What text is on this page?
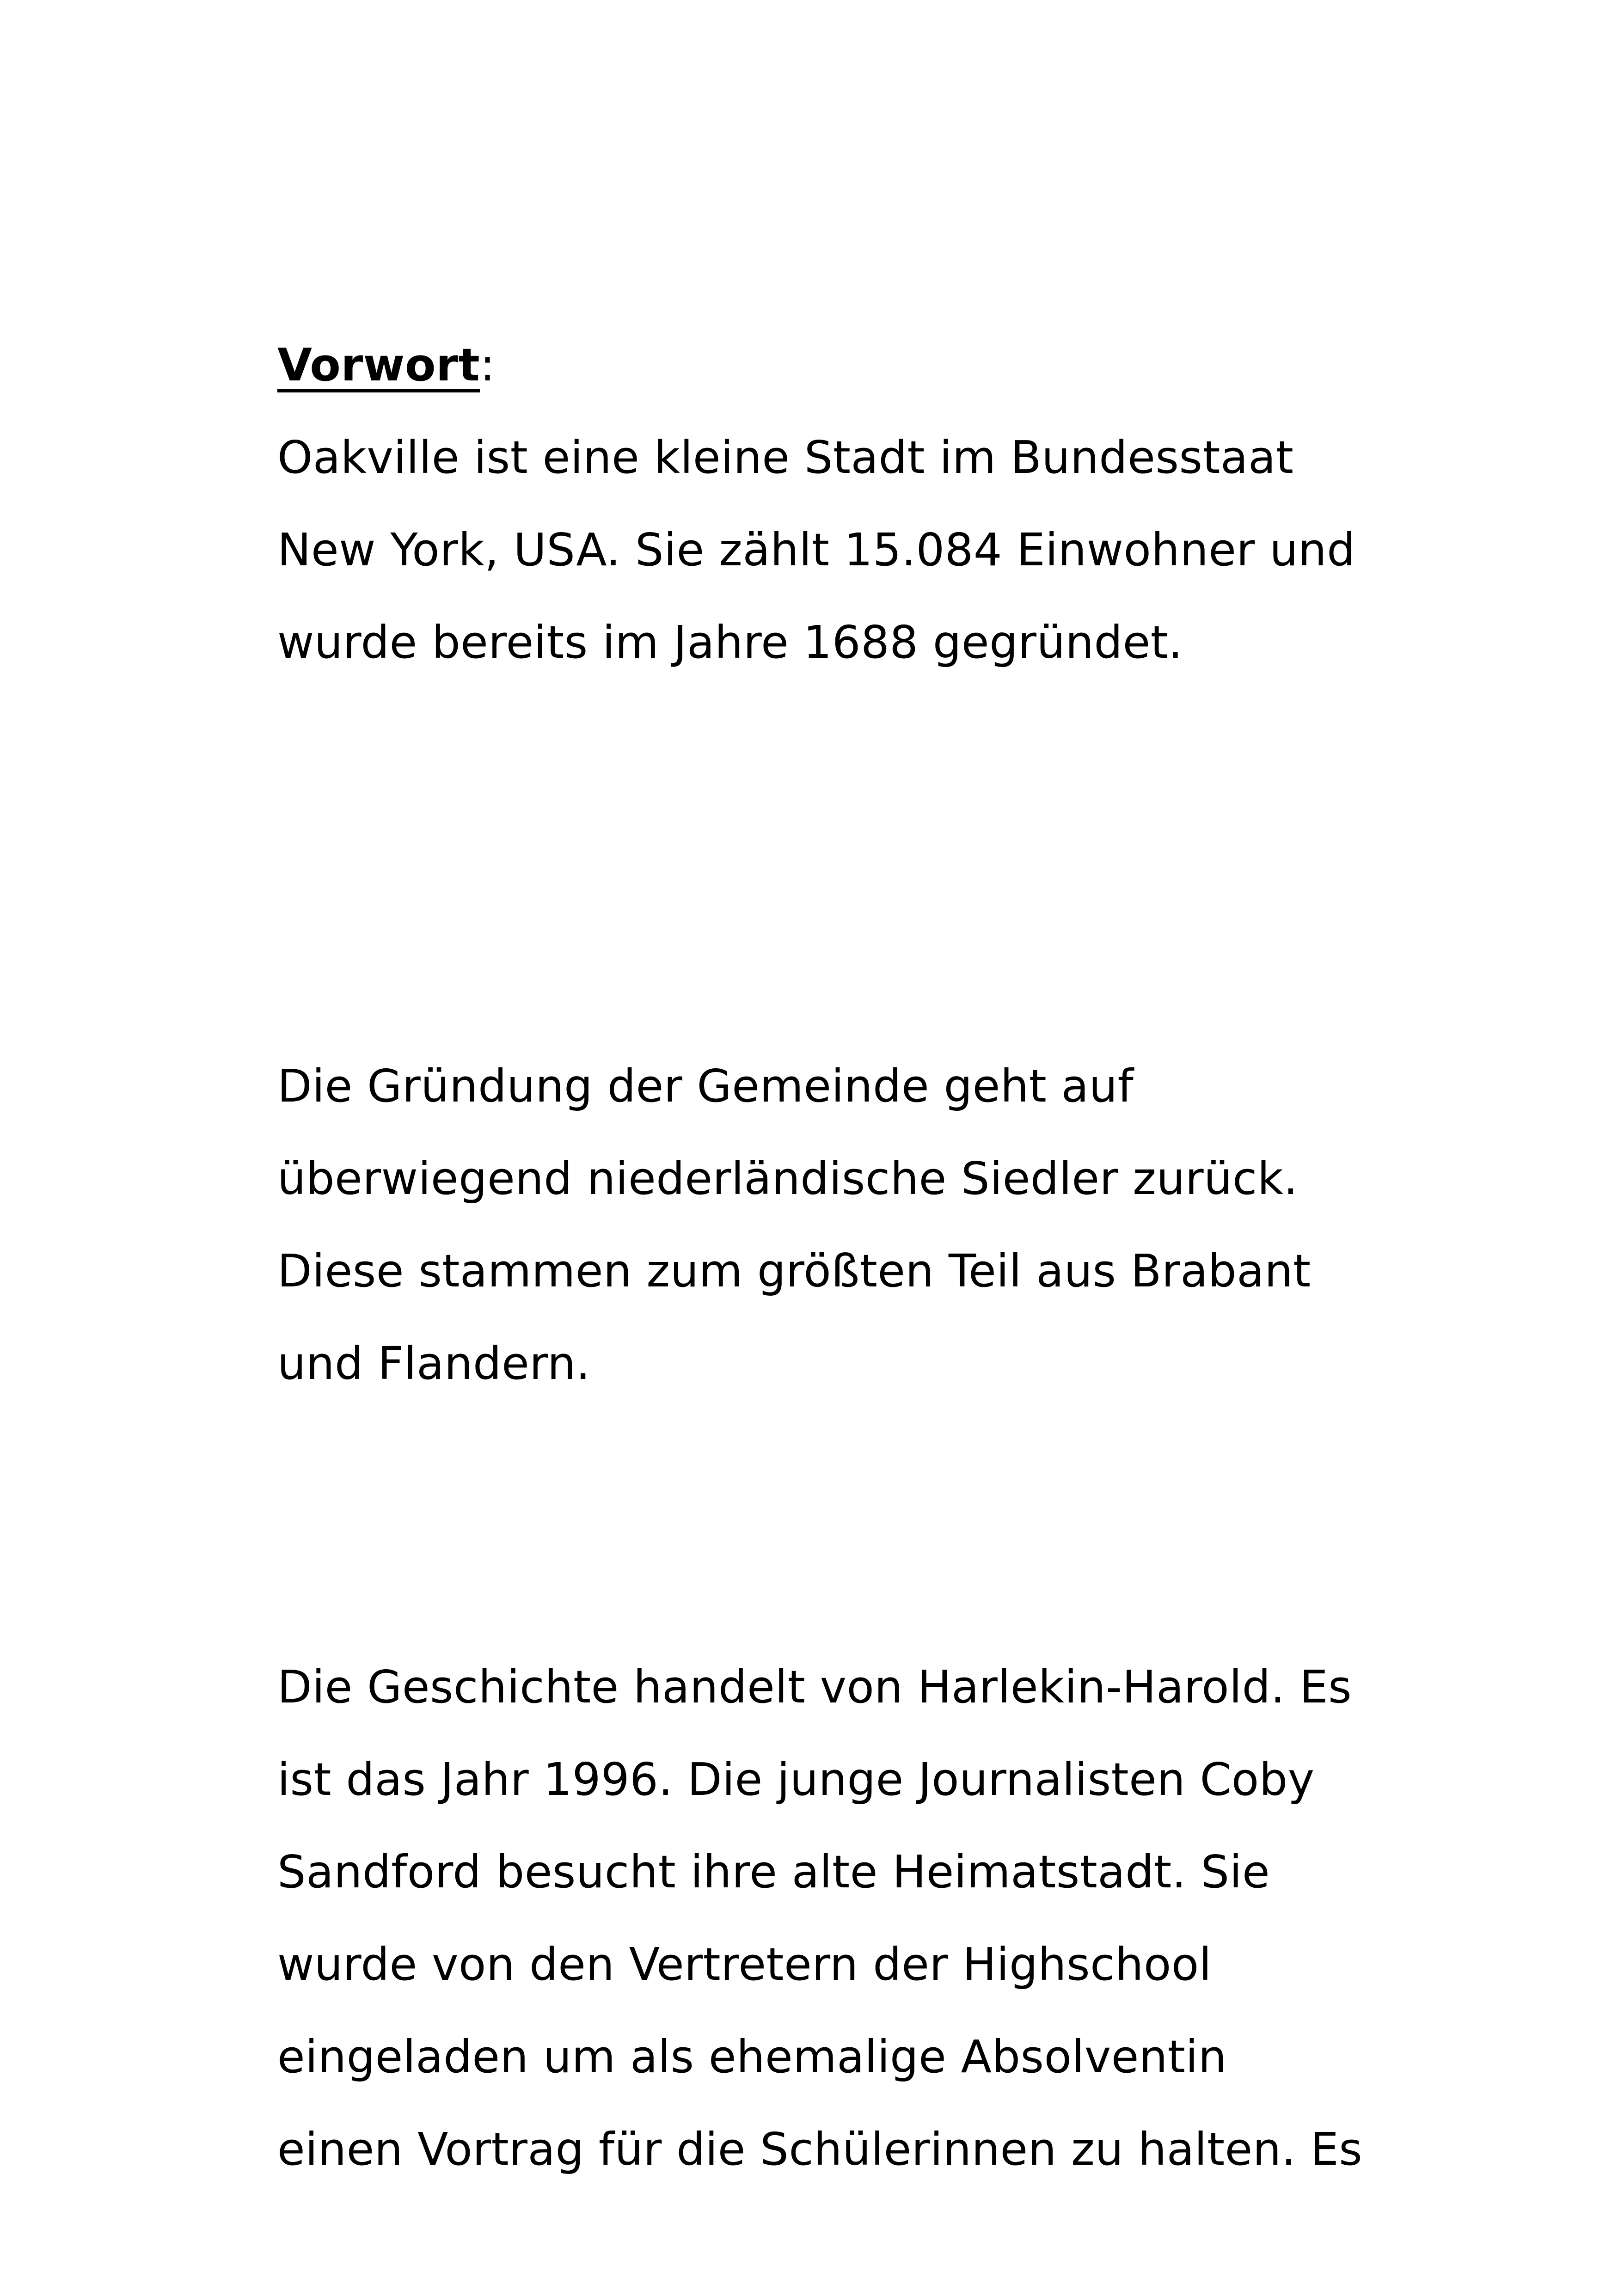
Vorwort:
Oakville ist eine kleine Stadt im Bundesstaat
New York, USA. Sie zählt 15.084 Einwohner und
wurde bereits im Jahre 1688 gegründet.
Die Gründung der Gemeinde geht auf
überwiegend niederländische Siedler zurück.
Diese stammen zum größten Teil aus Brabant
und Flandern.
Die Geschichte handelt von Harlekin-Harold. Es
ist das Jahr 1996. Die junge Journalisten Coby
Sandford besucht ihre alte Heimatstadt. Sie
wurde von den Vertretern der Highschool
eingeladen um als ehemalige Absolventin
einen Vortrag für die Schülerinnen zu halten. Es
